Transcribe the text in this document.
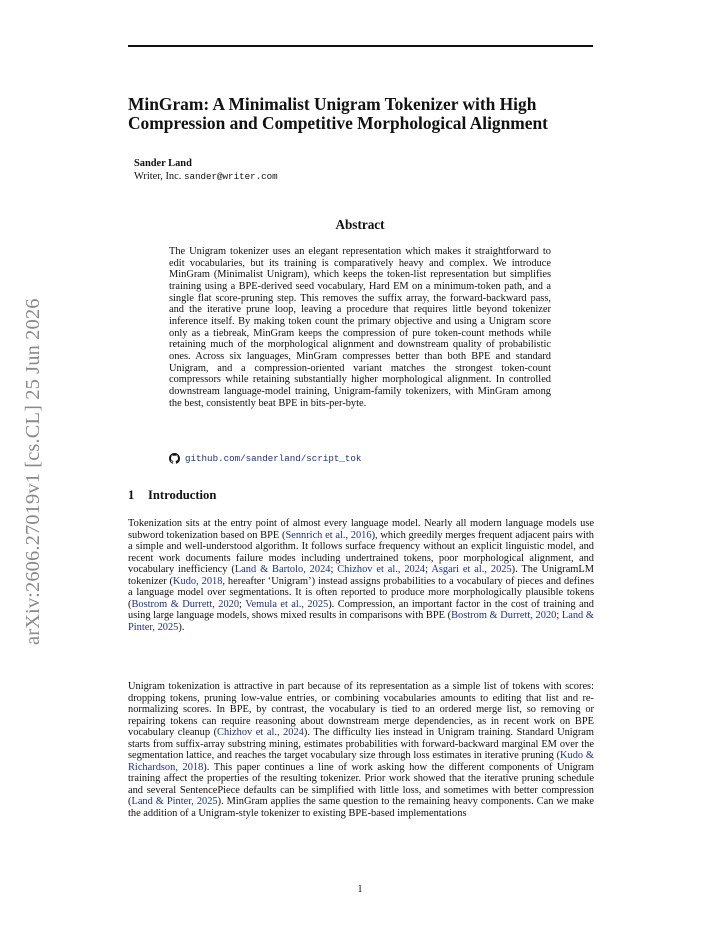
arXiv:2606.27019v1 [cs.CL] 25 Jun 2026
MinGram: A Minimalist Unigram Tokenizer with High Compression and Competitive Morphological Alignment
Sander Land
Writer, Inc. sander@writer.com
Abstract

The Unigram tokenizer uses an elegant representation which makes it straightforward to edit vocabularies, but its training is comparatively heavy and complex. We introduce MinGram (Minimalist Unigram), which keeps the token-list representation but simplifies training using a BPE-derived seed vocabulary, Hard EM on a minimum-token path, and a single flat score-pruning step. This removes the suffix array, the forward-backward pass, and the iterative prune loop, leaving a procedure that requires little beyond tokenizer inference itself. By making token count the primary objective and using a Unigram score only as a tiebreak, MinGram keeps the compression of pure token-count methods while retaining much of the morphological alignment and downstream quality of probabilistic ones. Across six languages, MinGram compresses better than both BPE and standard Unigram, and a compression-oriented variant matches the strongest token-count compressors while retaining substantially higher morphological alignment. In controlled downstream language-model training, Unigram-family tokenizers, with MinGram among the best, consistently beat BPE in bits-per-byte.

github.com/sanderland/script_tok
1 Introduction

Tokenization sits at the entry point of almost every language model. Nearly all modern language models use subword tokenization based on BPE (Sennrich et al., 2016), which greedily merges frequent adjacent pairs with a simple and well-understood algorithm. It follows surface frequency without an explicit linguistic model, and recent work documents failure modes including undertrained tokens, poor morphological alignment, and vocabulary inefficiency (Land & Bartolo, 2024; Chizhov et al., 2024; Asgari et al., 2025). The UnigramLM tokenizer (Kudo, 2018, hereafter ‘Unigram’) instead assigns probabilities to a vocabulary of pieces and defines a language model over segmentations. It is often reported to produce more morphologically plausible tokens (Bostrom & Durrett, 2020; Vemula et al., 2025). Compression, an important factor in the cost of training and using large language models, shows mixed results in comparisons with BPE (Bostrom & Durrett, 2020; Land & Pinter, 2025).

Unigram tokenization is attractive in part because of its representation as a simple list of tokens with scores: dropping tokens, pruning low-value entries, or combining vocabularies amounts to editing that list and re-normalizing scores. In BPE, by contrast, the vocabulary is tied to an ordered merge list, so removing or repairing tokens can require reasoning about downstream merge dependencies, as in recent work on BPE vocabulary cleanup (Chizhov et al., 2024). The difficulty lies instead in Unigram training. Standard Unigram starts from suffix-array substring mining, estimates probabilities with forward-backward marginal EM over the segmentation lattice, and reaches the target vocabulary size through loss estimates in iterative pruning (Kudo & Richardson, 2018). This paper continues a line of work asking how the different components of Unigram training affect the properties of the resulting tokenizer. Prior work showed that the iterative pruning schedule and several SentencePiece defaults can be simplified with little loss, and sometimes with better compression (Land & Pinter, 2025). MinGram applies the same question to the remaining heavy components. Can we make the addition of a Unigram-style tokenizer to existing BPE-based implementations

1
